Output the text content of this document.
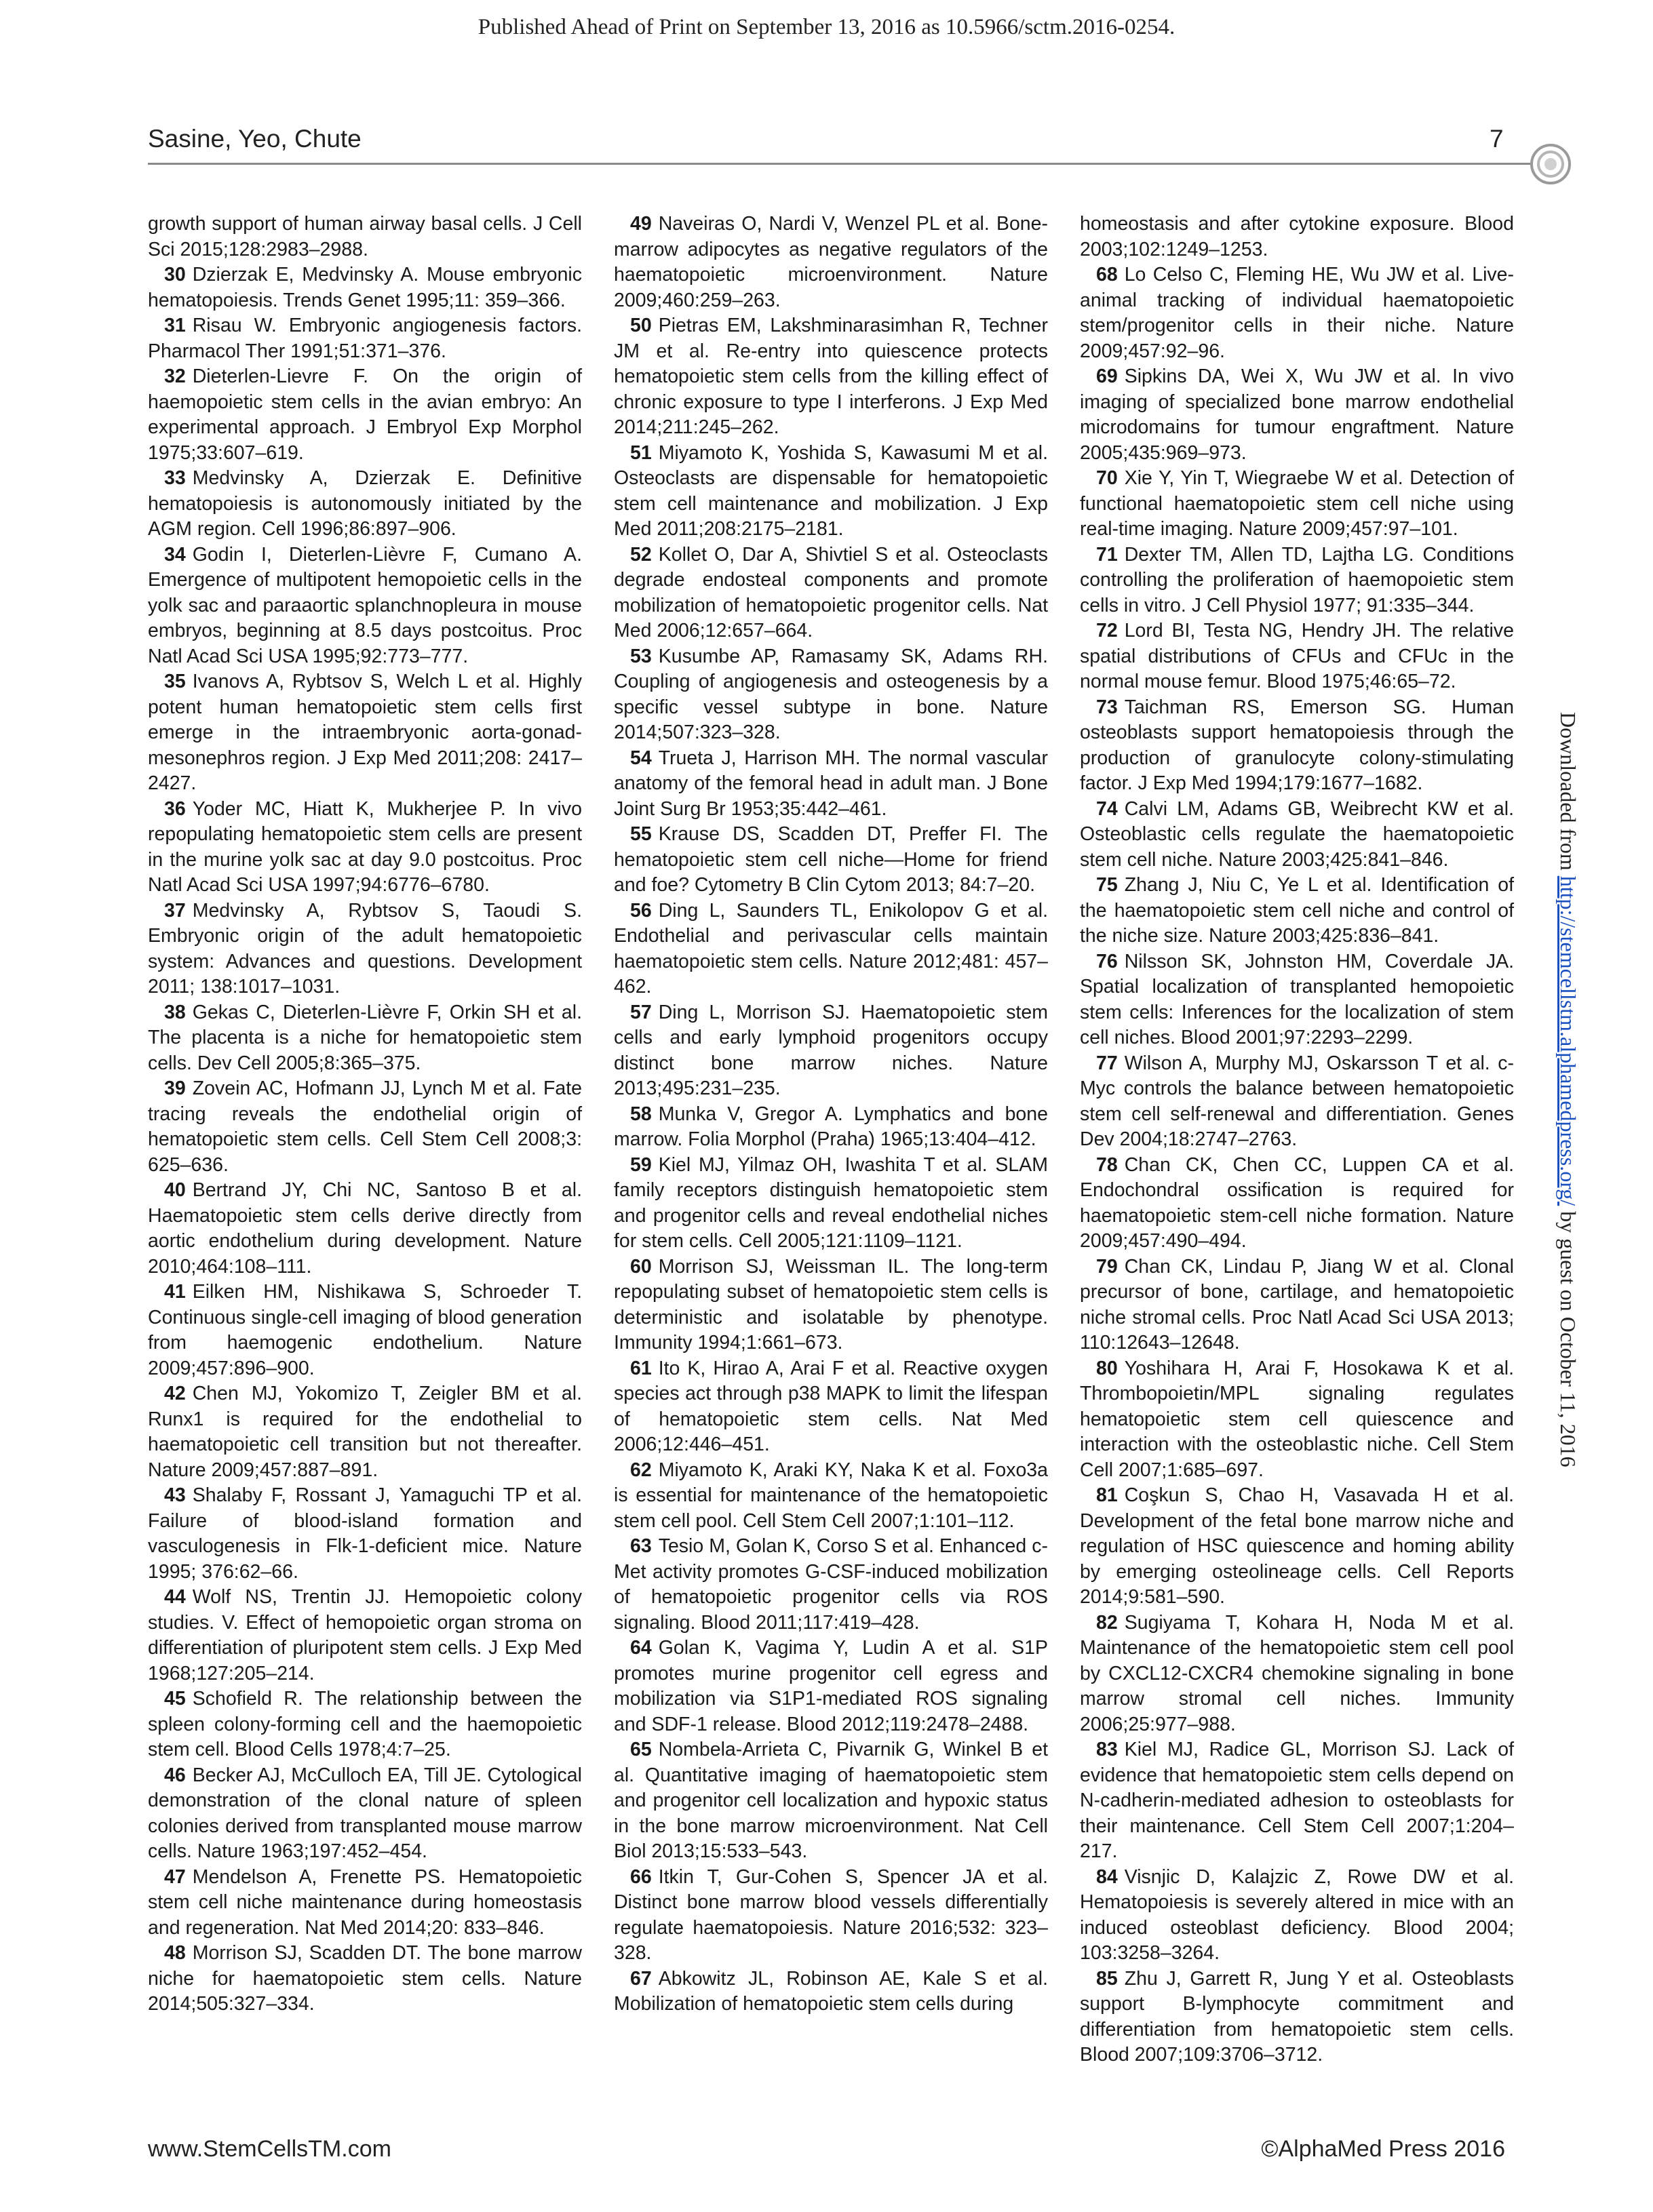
Published Ahead of Print on September 13, 2016 as 10.5966/sctm.2016-0254.
Sasine, Yeo, Chute	7
Downloaded from http://stemcellstm.alphamedpress.org/ by guest on October 11, 2016
growth support of human airway basal cells. J Cell Sci 2015;128:2983–2988.
30 Dzierzak E, Medvinsky A. Mouse embryonic hematopoiesis. Trends Genet 1995;11: 359–366.
31 Risau W. Embryonic angiogenesis factors. Pharmacol Ther 1991;51:371–376.
32 Dieterlen-Lievre F. On the origin of haemopoietic stem cells in the avian embryo: An experimental approach. J Embryol Exp Morphol 1975;33:607–619.
33 Medvinsky A, Dzierzak E. Definitive hematopoiesis is autonomously initiated by the AGM region. Cell 1996;86:897–906.
34 Godin I, Dieterlen-Lièvre F, Cumano A. Emergence of multipotent hemopoietic cells in the yolk sac and paraaortic splanchnopleura in mouse embryos, beginning at 8.5 days postcoitus. Proc Natl Acad Sci USA 1995;92:773–777.
35 Ivanovs A, Rybtsov S, Welch L et al. Highly potent human hematopoietic stem cells first emerge in the intraembryonic aorta-gonad-mesonephros region. J Exp Med 2011;208: 2417–2427.
36 Yoder MC, Hiatt K, Mukherjee P. In vivo repopulating hematopoietic stem cells are present in the murine yolk sac at day 9.0 postcoitus. Proc Natl Acad Sci USA 1997;94:6776–6780.
37 Medvinsky A, Rybtsov S, Taoudi S. Embryonic origin of the adult hematopoietic system: Advances and questions. Development 2011; 138:1017–1031.
38 Gekas C, Dieterlen-Lièvre F, Orkin SH et al. The placenta is a niche for hematopoietic stem cells. Dev Cell 2005;8:365–375.
39 Zovein AC, Hofmann JJ, Lynch M et al. Fate tracing reveals the endothelial origin of hematopoietic stem cells. Cell Stem Cell 2008;3: 625–636.
40 Bertrand JY, Chi NC, Santoso B et al. Haematopoietic stem cells derive directly from aortic endothelium during development. Nature 2010;464:108–111.
41 Eilken HM, Nishikawa S, Schroeder T. Continuous single-cell imaging of blood generation from haemogenic endothelium. Nature 2009;457:896–900.
42 Chen MJ, Yokomizo T, Zeigler BM et al. Runx1 is required for the endothelial to haematopoietic cell transition but not thereafter. Nature 2009;457:887–891.
43 Shalaby F, Rossant J, Yamaguchi TP et al. Failure of blood-island formation and vasculogenesis in Flk-1-deficient mice. Nature 1995; 376:62–66.
44 Wolf NS, Trentin JJ. Hemopoietic colony studies. V. Effect of hemopoietic organ stroma on differentiation of pluripotent stem cells. J Exp Med 1968;127:205–214.
45 Schofield R. The relationship between the spleen colony-forming cell and the haemopoietic stem cell. Blood Cells 1978;4:7–25.
46 Becker AJ, McCulloch EA, Till JE. Cytological demonstration of the clonal nature of spleen colonies derived from transplanted mouse marrow cells. Nature 1963;197:452–454.
47 Mendelson A, Frenette PS. Hematopoietic stem cell niche maintenance during homeostasis and regeneration. Nat Med 2014;20: 833–846.
48 Morrison SJ, Scadden DT. The bone marrow niche for haematopoietic stem cells. Nature 2014;505:327–334.
49 Naveiras O, Nardi V, Wenzel PL et al. Bone-marrow adipocytes as negative regulators of the haematopoietic microenvironment. Nature 2009;460:259–263.
50 Pietras EM, Lakshminarasimhan R, Techner JM et al. Re-entry into quiescence protects hematopoietic stem cells from the killing effect of chronic exposure to type I interferons. J Exp Med 2014;211:245–262.
51 Miyamoto K, Yoshida S, Kawasumi M et al. Osteoclasts are dispensable for hematopoietic stem cell maintenance and mobilization. J Exp Med 2011;208:2175–2181.
52 Kollet O, Dar A, Shivtiel S et al. Osteoclasts degrade endosteal components and promote mobilization of hematopoietic progenitor cells. Nat Med 2006;12:657–664.
53 Kusumbe AP, Ramasamy SK, Adams RH. Coupling of angiogenesis and osteogenesis by a specific vessel subtype in bone. Nature 2014;507:323–328.
54 Trueta J, Harrison MH. The normal vascular anatomy of the femoral head in adult man. J Bone Joint Surg Br 1953;35:442–461.
55 Krause DS, Scadden DT, Preffer FI. The hematopoietic stem cell niche—Home for friend and foe? Cytometry B Clin Cytom 2013; 84:7–20.
56 Ding L, Saunders TL, Enikolopov G et al. Endothelial and perivascular cells maintain haematopoietic stem cells. Nature 2012;481: 457–462.
57 Ding L, Morrison SJ. Haematopoietic stem cells and early lymphoid progenitors occupy distinct bone marrow niches. Nature 2013;495:231–235.
58 Munka V, Gregor A. Lymphatics and bone marrow. Folia Morphol (Praha) 1965;13:404–412.
59 Kiel MJ, Yilmaz OH, Iwashita T et al. SLAM family receptors distinguish hematopoietic stem and progenitor cells and reveal endothelial niches for stem cells. Cell 2005;121:1109–1121.
60 Morrison SJ, Weissman IL. The long-term repopulating subset of hematopoietic stem cells is deterministic and isolatable by phenotype. Immunity 1994;1:661–673.
61 Ito K, Hirao A, Arai F et al. Reactive oxygen species act through p38 MAPK to limit the lifespan of hematopoietic stem cells. Nat Med 2006;12:446–451.
62 Miyamoto K, Araki KY, Naka K et al. Foxo3a is essential for maintenance of the hematopoietic stem cell pool. Cell Stem Cell 2007;1:101–112.
63 Tesio M, Golan K, Corso S et al. Enhanced c-Met activity promotes G-CSF-induced mobilization of hematopoietic progenitor cells via ROS signaling. Blood 2011;117:419–428.
64 Golan K, Vagima Y, Ludin A et al. S1P promotes murine progenitor cell egress and mobilization via S1P1-mediated ROS signaling and SDF-1 release. Blood 2012;119:2478–2488.
65 Nombela-Arrieta C, Pivarnik G, Winkel B et al. Quantitative imaging of haematopoietic stem and progenitor cell localization and hypoxic status in the bone marrow microenvironment. Nat Cell Biol 2013;15:533–543.
66 Itkin T, Gur-Cohen S, Spencer JA et al. Distinct bone marrow blood vessels differentially regulate haematopoiesis. Nature 2016;532: 323–328.
67 Abkowitz JL, Robinson AE, Kale S et al. Mobilization of hematopoietic stem cells during
homeostasis and after cytokine exposure. Blood 2003;102:1249–1253.
68 Lo Celso C, Fleming HE, Wu JW et al. Live-animal tracking of individual haematopoietic stem/progenitor cells in their niche. Nature 2009;457:92–96.
69 Sipkins DA, Wei X, Wu JW et al. In vivo imaging of specialized bone marrow endothelial microdomains for tumour engraftment. Nature 2005;435:969–973.
70 Xie Y, Yin T, Wiegraebe W et al. Detection of functional haematopoietic stem cell niche using real-time imaging. Nature 2009;457:97–101.
71 Dexter TM, Allen TD, Lajtha LG. Conditions controlling the proliferation of haemopoietic stem cells in vitro. J Cell Physiol 1977; 91:335–344.
72 Lord BI, Testa NG, Hendry JH. The relative spatial distributions of CFUs and CFUc in the normal mouse femur. Blood 1975;46:65–72.
73 Taichman RS, Emerson SG. Human osteoblasts support hematopoiesis through the production of granulocyte colony-stimulating factor. J Exp Med 1994;179:1677–1682.
74 Calvi LM, Adams GB, Weibrecht KW et al. Osteoblastic cells regulate the haematopoietic stem cell niche. Nature 2003;425:841–846.
75 Zhang J, Niu C, Ye L et al. Identification of the haematopoietic stem cell niche and control of the niche size. Nature 2003;425:836–841.
76 Nilsson SK, Johnston HM, Coverdale JA. Spatial localization of transplanted hemopoietic stem cells: Inferences for the localization of stem cell niches. Blood 2001;97:2293–2299.
77 Wilson A, Murphy MJ, Oskarsson T et al. c-Myc controls the balance between hematopoietic stem cell self-renewal and differentiation. Genes Dev 2004;18:2747–2763.
78 Chan CK, Chen CC, Luppen CA et al. Endochondral ossification is required for haematopoietic stem-cell niche formation. Nature 2009;457:490–494.
79 Chan CK, Lindau P, Jiang W et al. Clonal precursor of bone, cartilage, and hematopoietic niche stromal cells. Proc Natl Acad Sci USA 2013; 110:12643–12648.
80 Yoshihara H, Arai F, Hosokawa K et al. Thrombopoietin/MPL signaling regulates hematopoietic stem cell quiescence and interaction with the osteoblastic niche. Cell Stem Cell 2007;1:685–697.
81 Coşkun S, Chao H, Vasavada H et al. Development of the fetal bone marrow niche and regulation of HSC quiescence and homing ability by emerging osteolineage cells. Cell Reports 2014;9:581–590.
82 Sugiyama T, Kohara H, Noda M et al. Maintenance of the hematopoietic stem cell pool by CXCL12-CXCR4 chemokine signaling in bone marrow stromal cell niches. Immunity 2006;25:977–988.
83 Kiel MJ, Radice GL, Morrison SJ. Lack of evidence that hematopoietic stem cells depend on N-cadherin-mediated adhesion to osteoblasts for their maintenance. Cell Stem Cell 2007;1:204–217.
84 Visnjic D, Kalajzic Z, Rowe DW et al. Hematopoiesis is severely altered in mice with an induced osteoblast deficiency. Blood 2004; 103:3258–3264.
85 Zhu J, Garrett R, Jung Y et al. Osteoblasts support B-lymphocyte commitment and differentiation from hematopoietic stem cells. Blood 2007;109:3706–3712.
www.StemCellsTM.com	©AlphaMed Press 2016
